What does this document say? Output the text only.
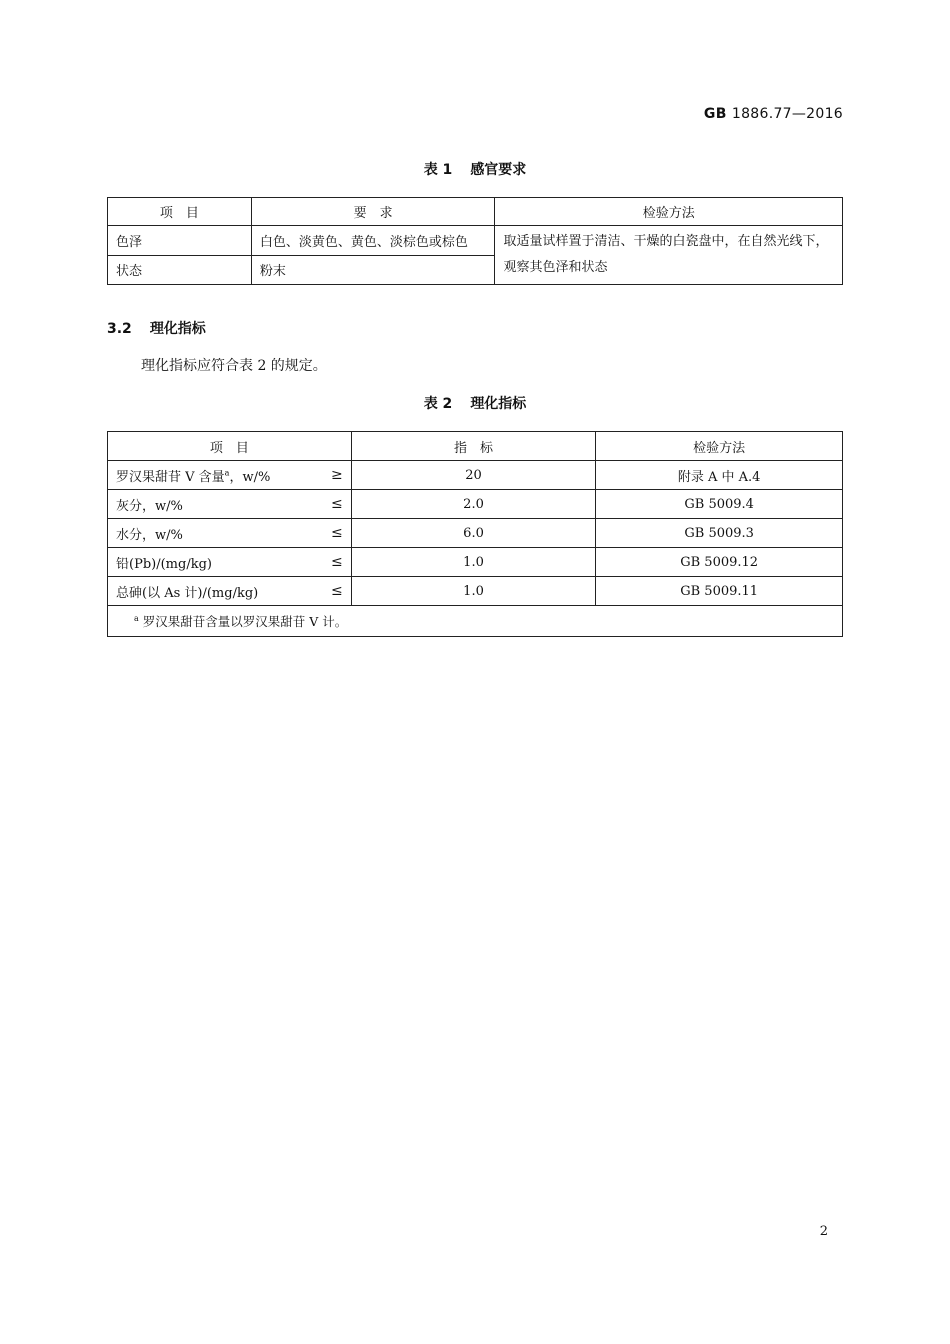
GB 1886.77—2016
表 1 感官要求
项　目	要　求	检验方法
色泽	白色、淡黄色、黄色、淡棕色或棕色	取适量试样置于清洁、干燥的白瓷盘中，在自然光线下，观察其色泽和状态
状态	粉末	
3.2 理化指标
理化指标应符合表 2 的规定。
表 2 理化指标
项　目	指　标	检验方法
罗汉果甜苷 V 含量$^a$，w/% ≥	20	附录 A 中 A.4
灰分，w/% ≤	2.0	GB 5009.4
水分，w/% ≤	6.0	GB 5009.3
铅(Pb)/(mg/kg) ≤	1.0	GB 5009.12
总砷(以 As 计)/(mg/kg) ≤	1.0	GB 5009.11
$^a$ 罗汉果甜苷含量以罗汉果甜苷 V 计。		
2
